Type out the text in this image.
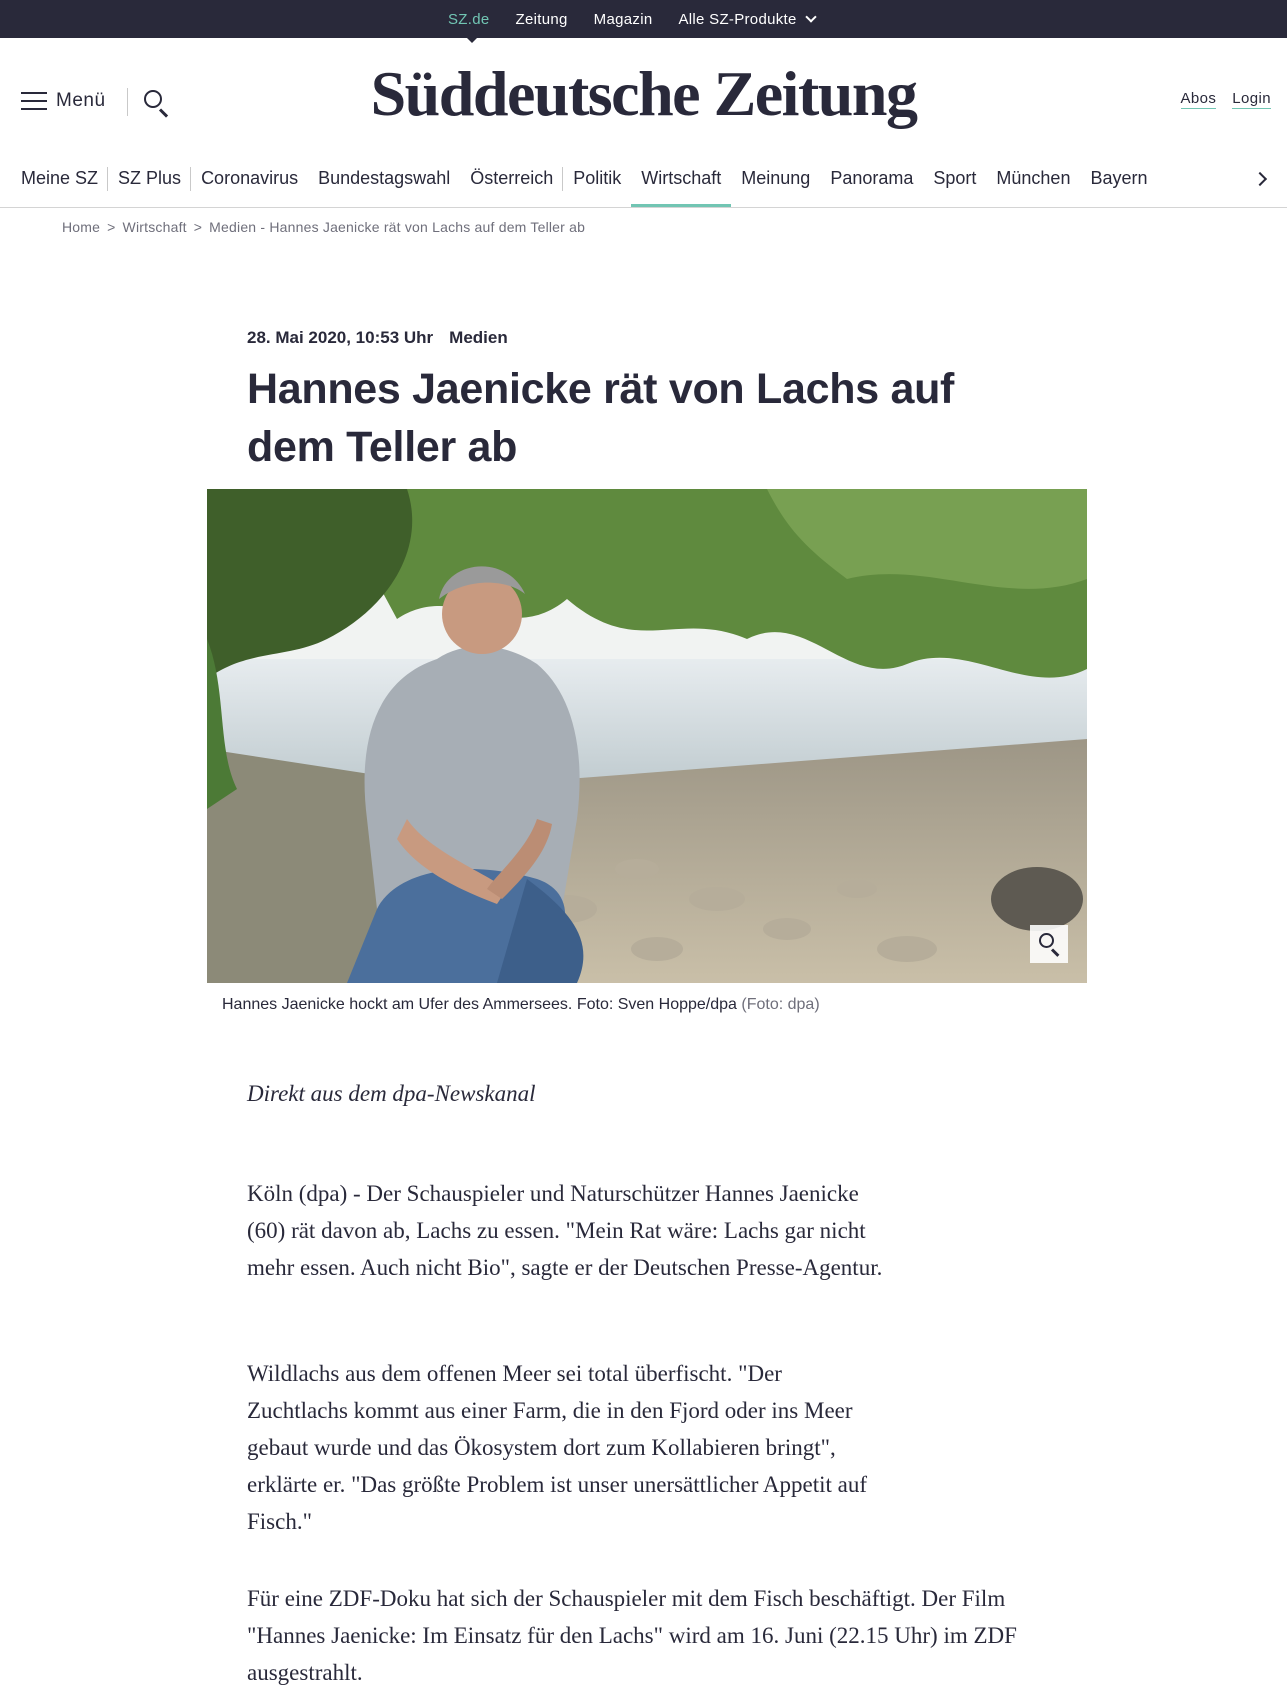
SZ.de Zeitung Magazin Alle SZ-Produkte
Menü	Süddeutsche Zeitung	Abos Login
Meine SZ	SZ Plus	Coronavirus	Bundestagswahl	Österreich	Politik	Wirtschaft	Meinung	Panorama	Sport	München	Bayern
Home > Wirtschaft > Medien - Hannes Jaenicke rät von Lachs auf dem Teller ab
28. Mai 2020, 10:53 Uhr Medien
Hannes Jaenicke rät von Lachs auf dem Teller ab
Hannes Jaenicke hockt am Ufer des Ammersees. Foto: Sven Hoppe/dpa (Foto: dpa)
Direkt aus dem dpa-Newskanal

Köln (dpa) - Der Schauspieler und Naturschützer Hannes Jaenicke (60) rät davon ab, Lachs zu essen. "Mein Rat wäre: Lachs gar nicht mehr essen. Auch nicht Bio", sagte er der Deutschen Presse-Agentur.

Wildlachs aus dem offenen Meer sei total überfischt. "Der Zuchtlachs kommt aus einer Farm, die in den Fjord oder ins Meer gebaut wurde und das Ökosystem dort zum Kollabieren bringt", erklärte er. "Das größte Problem ist unser unersättlicher Appetit auf Fisch."

Für eine ZDF-Doku hat sich der Schauspieler mit dem Fisch beschäftigt. Der Film "Hannes Jaenicke: Im Einsatz für den Lachs" wird am 16. Juni (22.15 Uhr) im ZDF ausgestrahlt.
